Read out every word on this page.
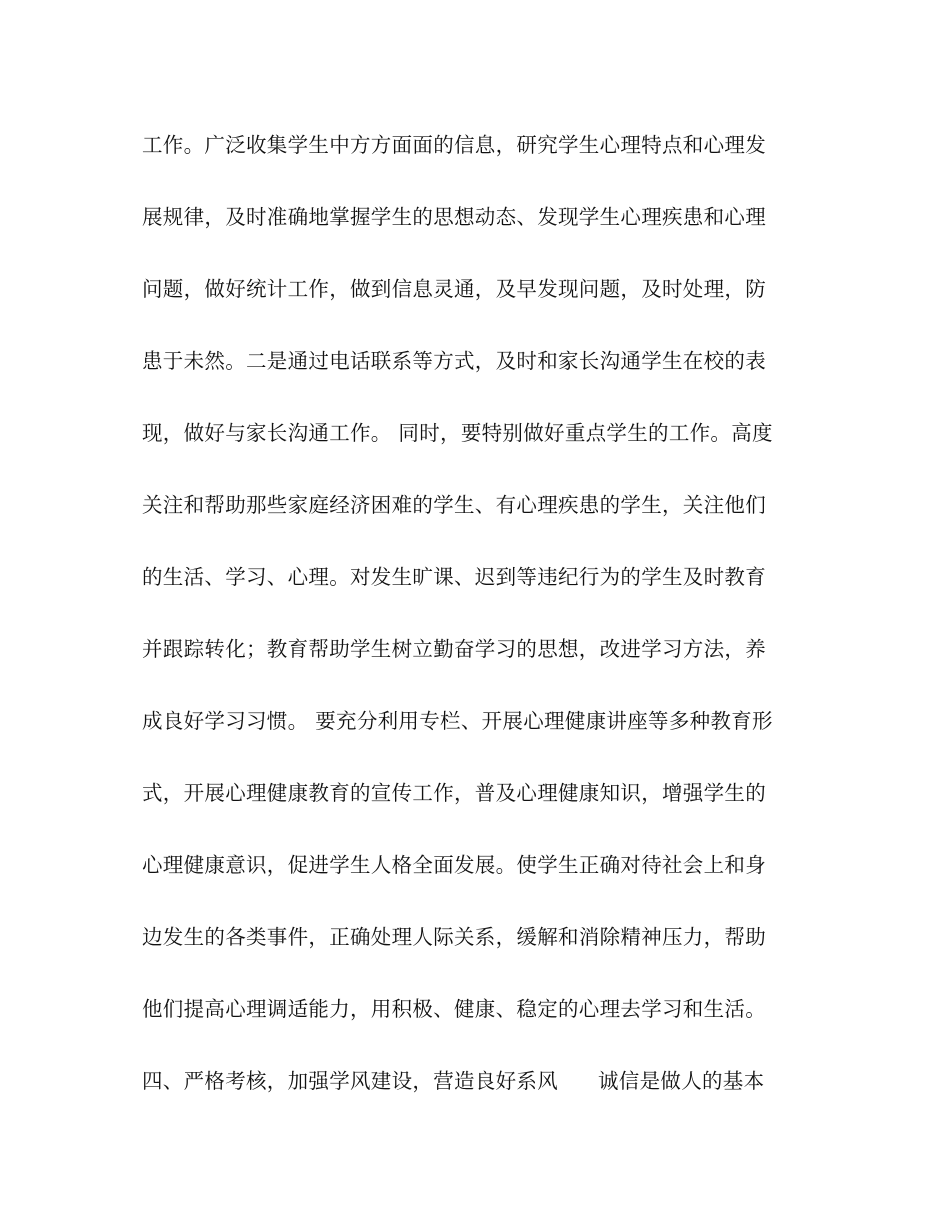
工作。广泛收集学生中方方面面的信息，研究学生心理特点和心理发
展规律，及时准确地掌握学生的思想动态、发现学生心理疾患和心理
问题，做好统计工作，做到信息灵通，及早发现问题，及时处理，防
患于未然。二是通过电话联系等方式，及时和家长沟通学生在校的表
现，做好与家长沟通工作。 同时，要特别做好重点学生的工作。高度
关注和帮助那些家庭经济困难的学生、有心理疾患的学生，关注他们
的生活、学习、心理。对发生旷课、迟到等违纪行为的学生及时教育
并跟踪转化；教育帮助学生树立勤奋学习的思想，改进学习方法，养
成良好学习习惯。 要充分利用专栏、开展心理健康讲座等多种教育形
式，开展心理健康教育的宣传工作，普及心理健康知识，增强学生的
心理健康意识，促进学生人格全面发展。使学生正确对待社会上和身
边发生的各类事件，正确处理人际关系，缓解和消除精神压力，帮助
他们提高心理调适能力，用积极、健康、稳定的心理去学习和生活。
四、严格考核，加强学风建设，营造良好系风 诚信是做人的基本
